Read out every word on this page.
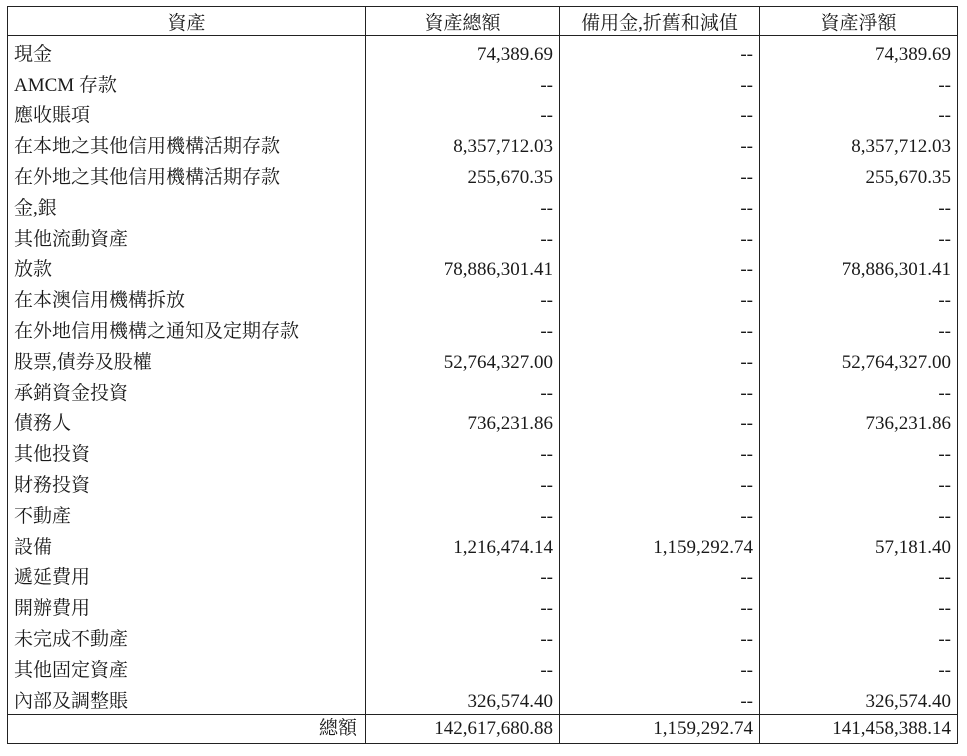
資產	資產總額	備用金,折舊和減值	資產淨額
現金	74,389.69	--	74,389.69
AMCM 存款	--	--	--
應收賬項	--	--	--
在本地之其他信用機構活期存款	8,357,712.03	--	8,357,712.03
在外地之其他信用機構活期存款	255,670.35	--	255,670.35
金,銀	--	--	--
其他流動資產	--	--	--
放款	78,886,301.41	--	78,886,301.41
在本澳信用機構拆放	--	--	--
在外地信用機構之通知及定期存款	--	--	--
股票,債券及股權	52,764,327.00	--	52,764,327.00
承銷資金投資	--	--	--
債務人	736,231.86	--	736,231.86
其他投資	--	--	--
財務投資	--	--	--
不動產	--	--	--
設備	1,216,474.14	1,159,292.74	57,181.40
遞延費用	--	--	--
開辦費用	--	--	--
未完成不動產	--	--	--
其他固定資產	--	--	--
內部及調整賬	326,574.40	--	326,574.40
總額	142,617,680.88	1,159,292.74	141,458,388.14
